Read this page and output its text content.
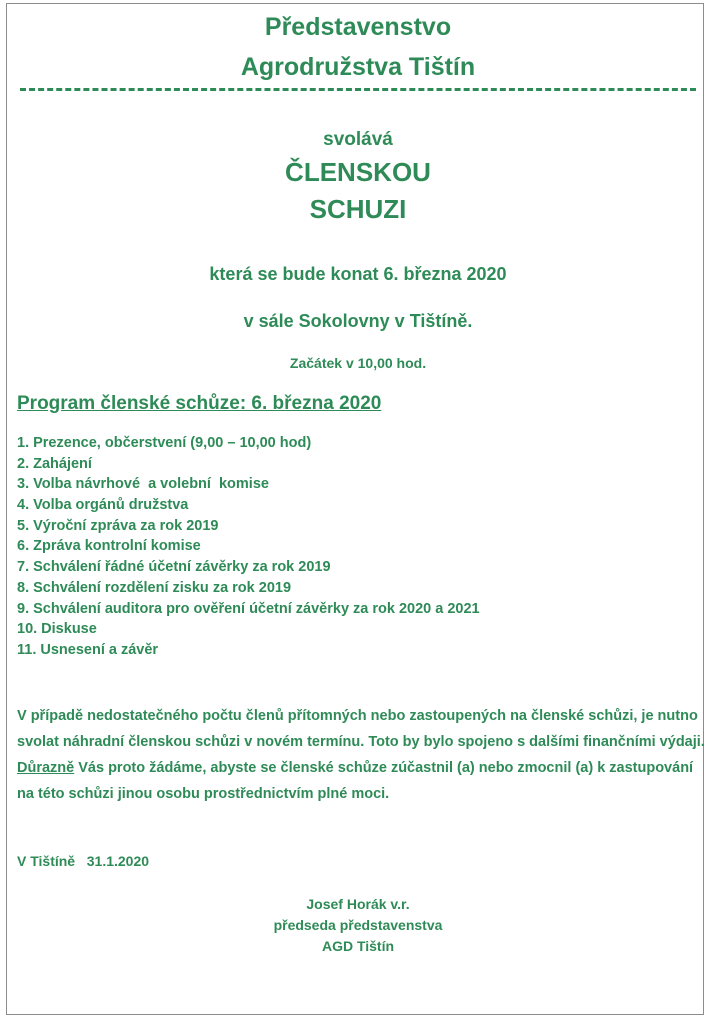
Představenstvo
Agrodružstva Tištín
svolává
ČLENSKOU
SCHUZI
která se bude konat 6. března 2020
v sále Sokolovny v Tištíně.
Začátek v 10,00 hod.
Program členské schůze: 6. března 2020
1. Prezence, občerstvení (9,00 – 10,00 hod)
2. Zahájení
3. Volba návrhové  a volební  komise
4. Volba orgánů družstva
5. Výroční zpráva za rok 2019
6. Zpráva kontrolní komise
7. Schválení řádné účetní závěrky za rok 2019
8. Schválení rozdělení zisku za rok 2019
9. Schválení auditora pro ověření účetní závěrky za rok 2020 a 2021
10. Diskuse
11. Usnesení a závěr
V případě nedostatečného počtu členů přítomných nebo zastoupených na členské schůzi, je nutno
svolat náhradní členskou schůzi v novém termínu. Toto by bylo spojeno s dalšími finančními výdaji.
Důrazně Vás proto žádáme, abyste se členské schůze zúčastnil (a) nebo zmocnil (a) k zastupování
na této schůzi jinou osobu prostřednictvím plné moci.
V Tištíně   31.1.2020
Josef Horák v.r.
předseda představenstva
AGD Tištín
